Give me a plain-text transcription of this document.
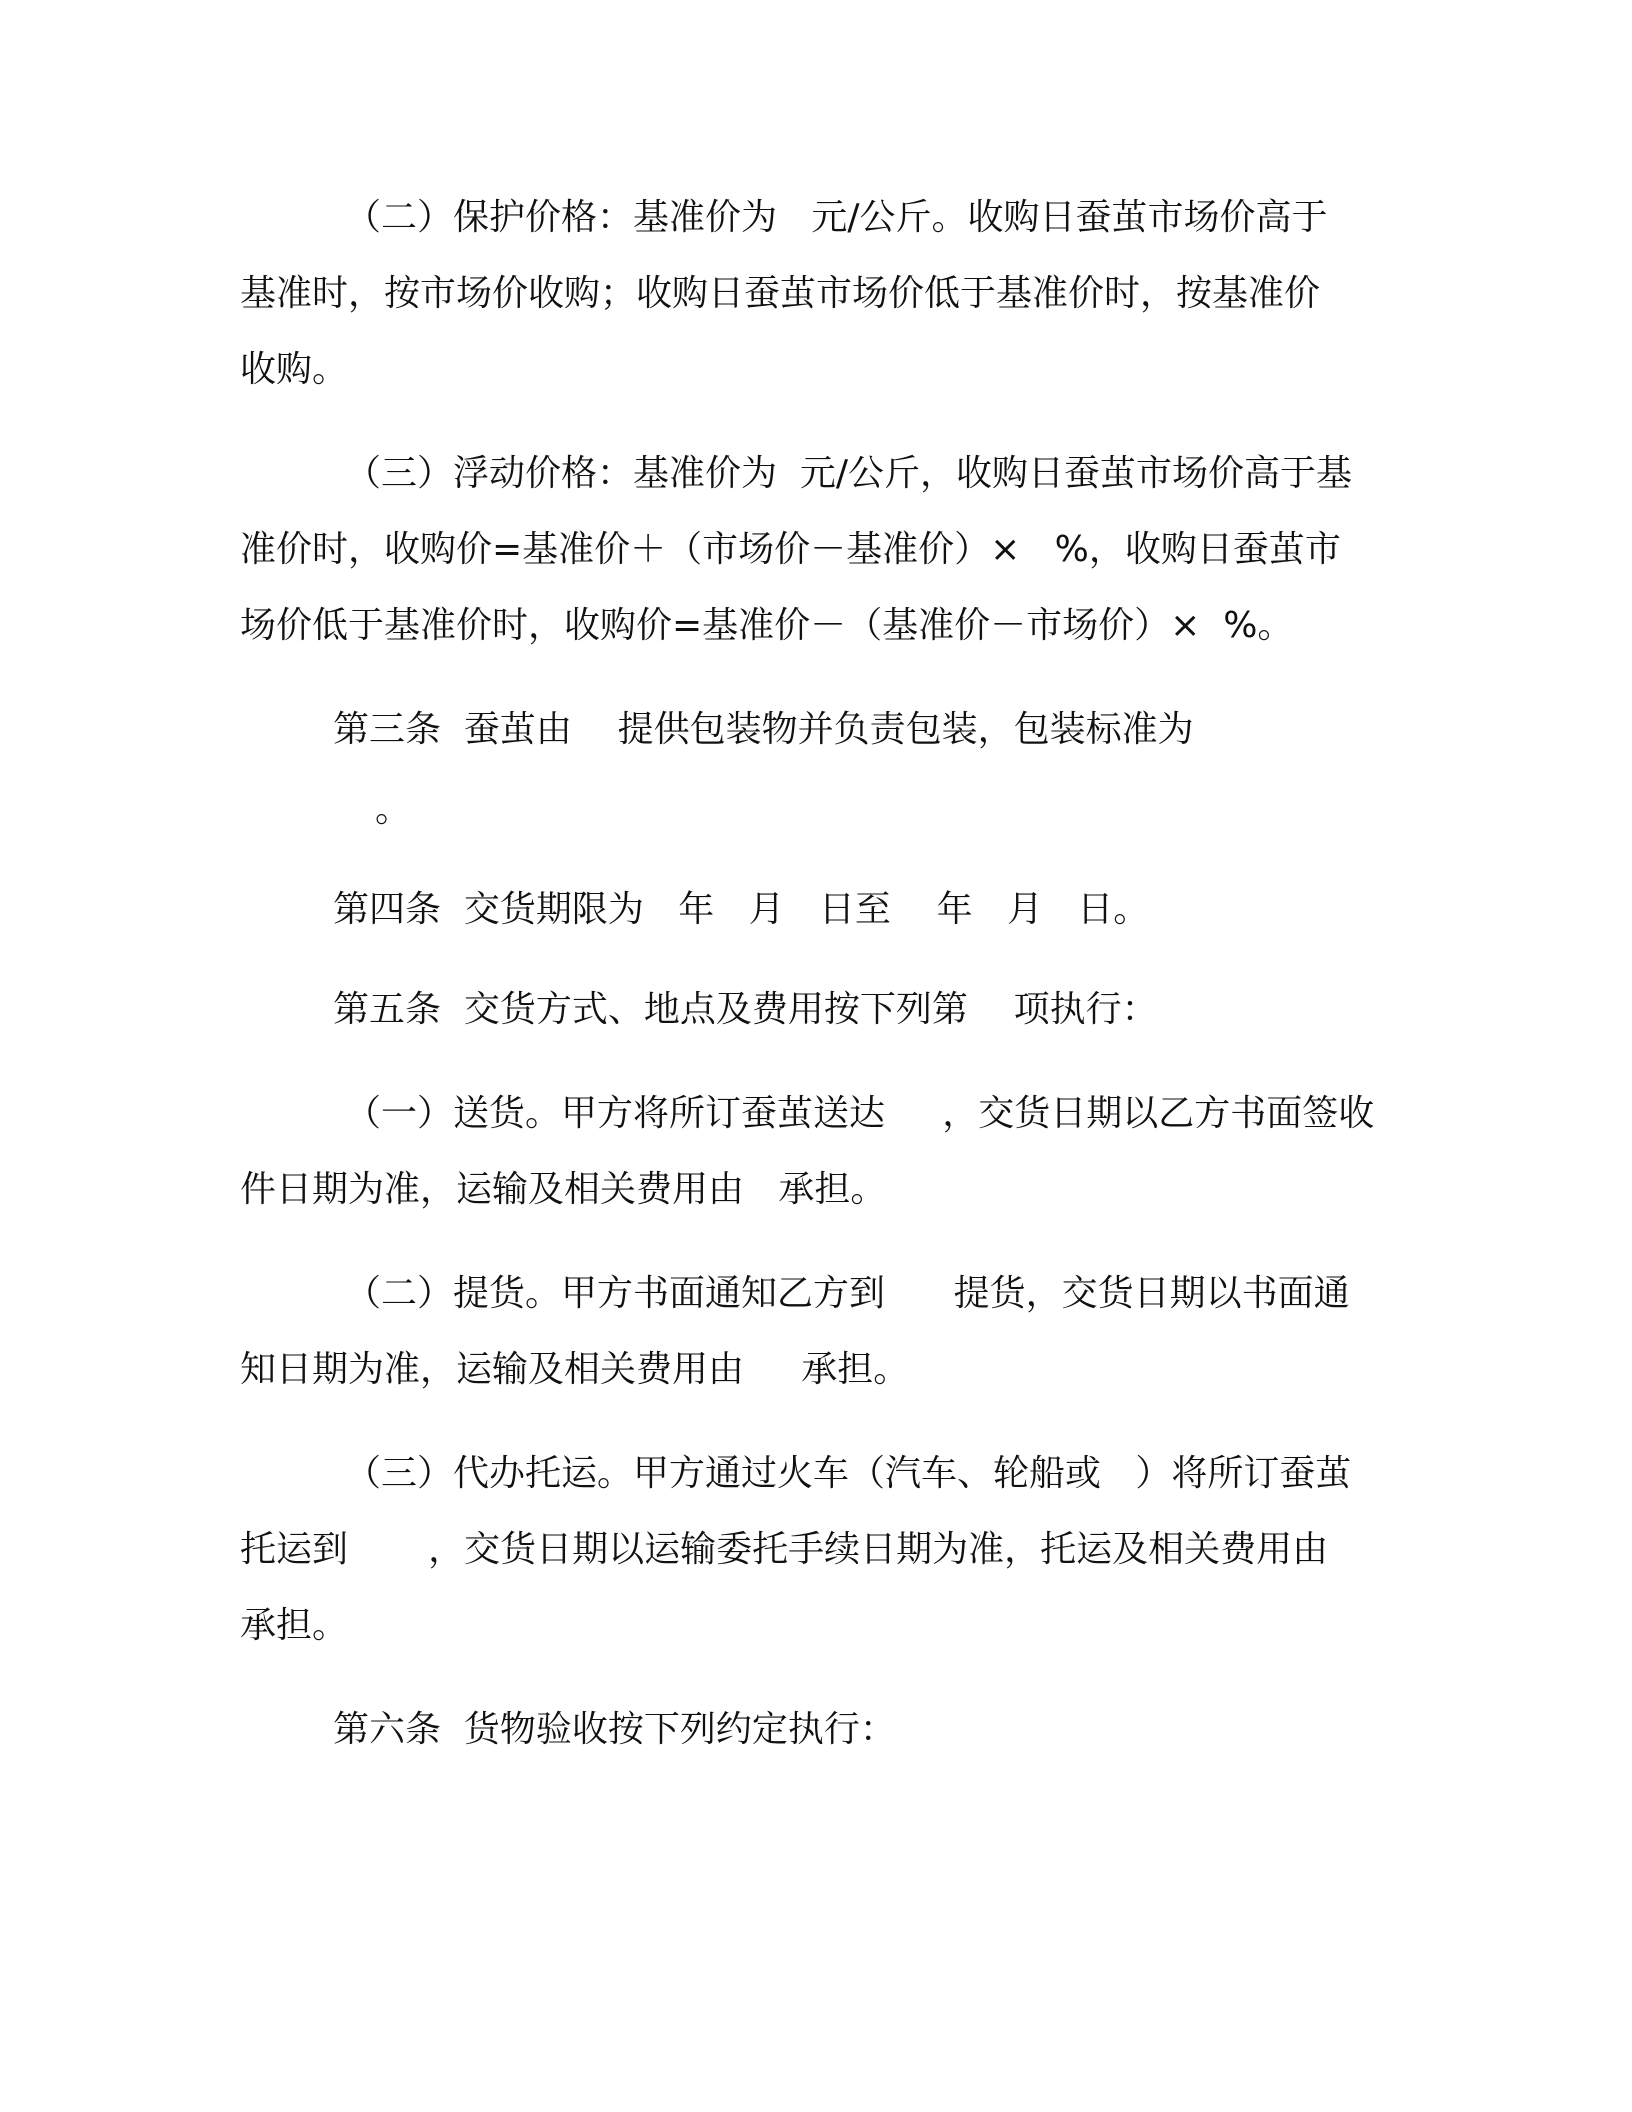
（二）保护价格：基准价为   元/公斤。收购日蚕茧市场价高于
基准时，按市场价收购；收购日蚕茧市场价低于基准价时，按基准价
收购。
（三）浮动价格：基准价为  元/公斤，收购日蚕茧市场价高于基
准价时，收购价=基准价＋（市场价－基准价）×   %，收购日蚕茧市
场价低于基准价时，收购价=基准价－（基准价－市场价）×  %。
第三条  蚕茧由    提供包装物并负责包装，包装标准为
。
第四条  交货期限为   年   月   日至    年   月   日。
第五条  交货方式、地点及费用按下列第    项执行：
（一）送货。甲方将所订蚕茧送达     ，交货日期以乙方书面签收
件日期为准，运输及相关费用由   承担。
（二）提货。甲方书面通知乙方到      提货，交货日期以书面通
知日期为准，运输及相关费用由     承担。
（三）代办托运。甲方通过火车（汽车、轮船或   ）将所订蚕茧
托运到       ，交货日期以运输委托手续日期为准，托运及相关费用由
承担。
第六条  货物验收按下列约定执行：
